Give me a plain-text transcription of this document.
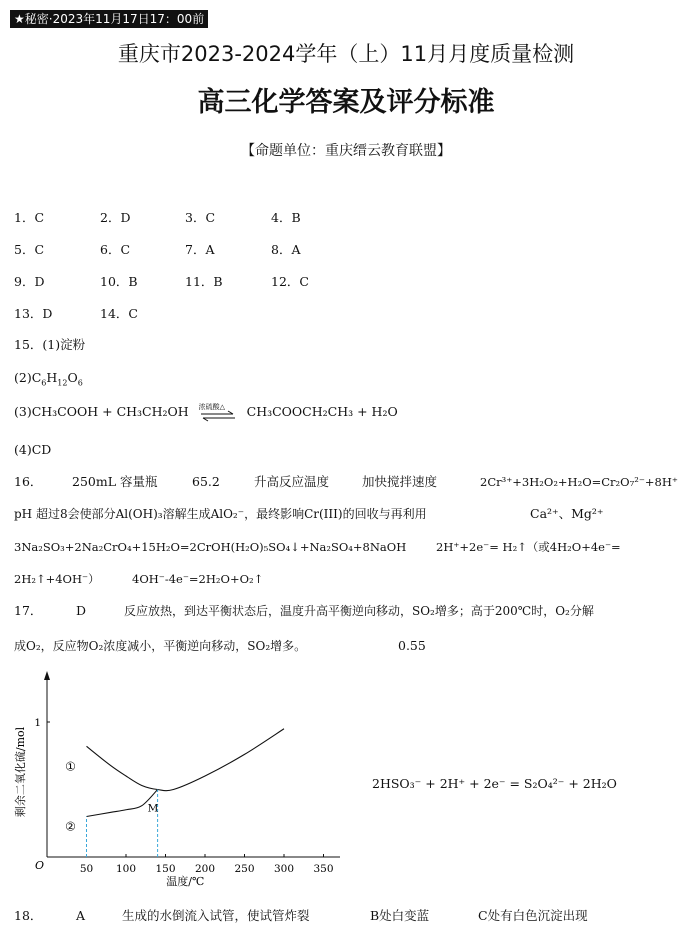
★秘密·2023年11月17日17：00前
重庆市2023-2024学年（上）11月月度质量检测
高三化学答案及评分标准
【命题单位：重庆缙云教育联盟】
1．C	2．D	3．C	4．B
5．C	6．C	7．A	8．A
9．D	10．B	11．B	12．C
13．D	14．C
15．(1)淀粉
$(2)C_6H_{12}O_6$
(3)CH₃COOH + CH₃CH₂OH 浓硫酸△ CH₃COOCH₂CH₃ + H₂O
(4)CD
16． 250mL 容量瓶	65.2	升高反应温度	加快搅拌速度	2Cr³⁺+3H₂O₂+H₂O=Cr₂O₇²⁻+8H⁺
pH 超过8会使部分Al(OH)₃溶解生成AlO₂⁻，最终影响Cr(III)的回收与再利用	Ca²⁺、Mg²⁺
3Na₂SO₃+2Na₂CrO₄+15H₂O=2CrOH(H₂O)₅SO₄↓+Na₂SO₄+8NaOH	2H⁺+2e⁻= H₂↑（或4H₂O+4e⁻=
2H₂↑+4OH⁻）	4OH⁻-4e⁻=2H₂O+O₂↑
17．	D	反应放热，到达平衡状态后，温度升高平衡逆向移动，SO₂增多；高于200℃时，O₂分解
成O₂，反应物O₂浓度减小，平衡逆向移动，SO₂增多。	0.55
50 100 150 200 250 300 350
1
O
温度/℃
剩余二氧化硫/mol	①
②
M
2HSO₃⁻ + 2H⁺ + 2e⁻ = S₂O₄²⁻ + 2H₂O
18．	A	生成的水倒流入试管，使试管炸裂	B处白变蓝	C处有白色沉淀出现
